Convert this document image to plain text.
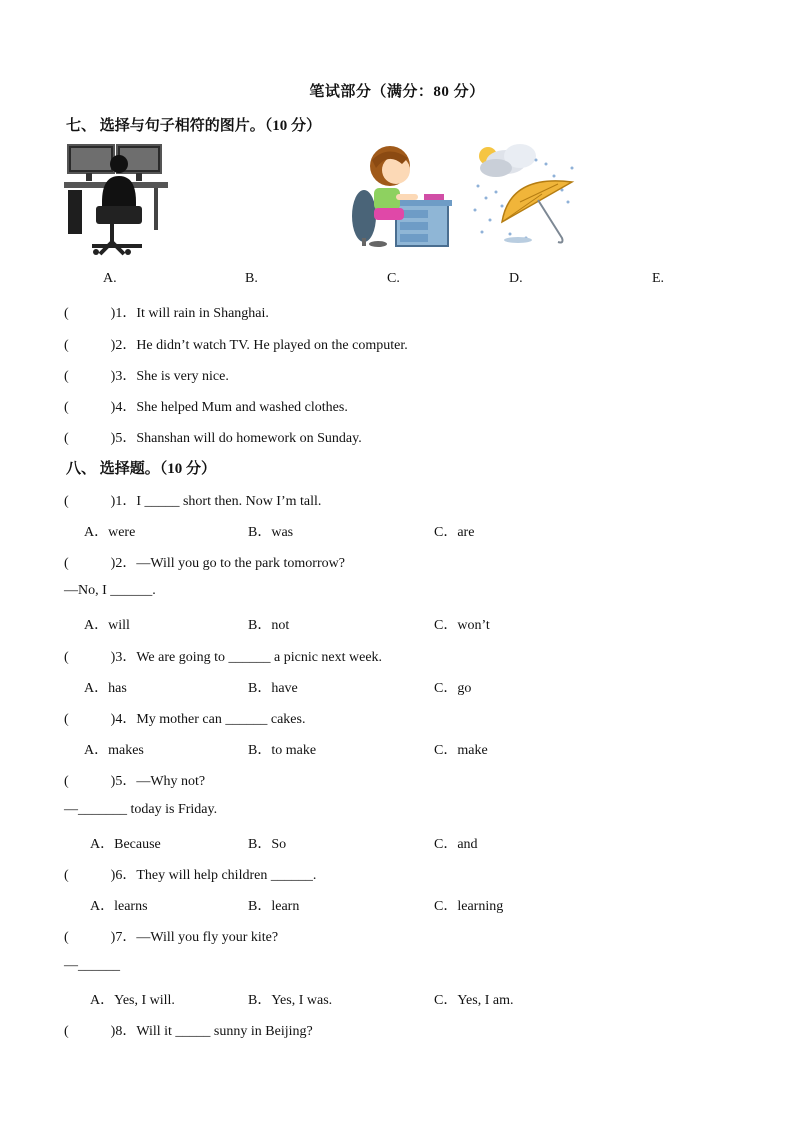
笔试部分（满分：80 分）
七、 选择与句子相符的图片。（10 分）
A.	B.	C.	D.	E.
(　　　)1．It will rain in Shanghai.
(　　　)2．He didn’t watch TV. He played on the computer.
(　　　)3．She is very nice.
(　　　)4．She helped Mum and washed clothes.
(　　　)5．Shanshan will do homework on Sunday.
八、 选择题。（10 分）
(　　　)1．I _____ short then. Now I’m tall.
A．were	B．was	C．are
(　　　)2．—Will you go to the park tomorrow?
—No, I ______.
A．will	B．not	C．won’t
(　　　)3．We are going to ______ a picnic next week.
A．has	B．have	C．go
(　　　)4．My mother can ______ cakes.
A．makes	B．to make	C．make
(　　　)5．—Why not?
—_______ today is Friday.
A．Because	B．So	C．and
(　　　)6．They will help children ______.
A．learns	B．learn	C．learning
(　　　)7．—Will you fly your kite?
—______
A．Yes, I will.	B．Yes, I was.	C．Yes, I am.
(　　　)8．Will it _____ sunny in Beijing?
